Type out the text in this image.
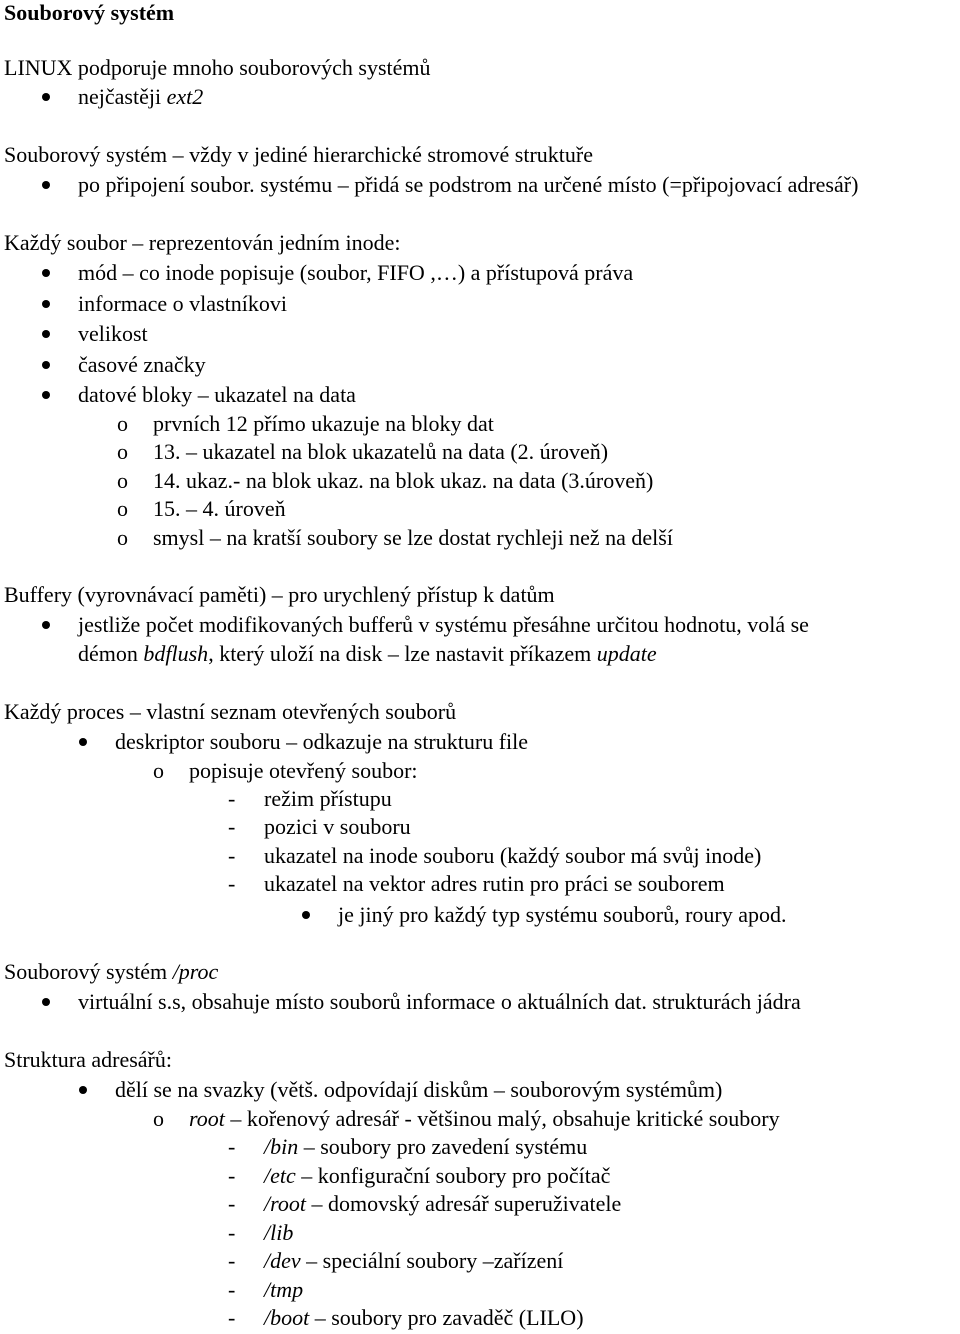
Souborový systém
LINUX podporuje mnoho souborových systémů
nejčastěji ext2
Souborový systém – vždy v jediné hierarchické stromové struktuře
po připojení soubor. systému – přidá se podstrom na určené místo (=připojovací adresář)
Každý soubor – reprezentován jedním inode:
mód – co inode popisuje (soubor, FIFO ,…) a přístupová práva
informace o vlastníkovi
velikost
časové značky
datové bloky – ukazatel na data
o prvních 12 přímo ukazuje na bloky dat
o 13. – ukazatel na blok ukazatelů na data (2. úroveň)
o 14. ukaz.- na blok ukaz. na blok ukaz. na data (3.úroveň)
o 15. – 4. úroveň
o smysl – na kratší soubory se lze dostat rychleji než na delší
Buffery (vyrovnávací paměti) – pro urychlený přístup k datům
jestliže počet modifikovaných bufferů v systému přesáhne určitou hodnotu, volá se
démon bdflush, který uloží na disk – lze nastavit příkazem update
Každý proces – vlastní seznam otevřených souborů
deskriptor souboru – odkazuje na strukturu file
o popisuje otevřený soubor:
- režim přístupu
- pozici v souboru
- ukazatel na inode souboru (každý soubor má svůj inode)
- ukazatel na vektor adres rutin pro práci se souborem
je jiný pro každý typ systému souborů, roury apod.
Souborový systém /proc
virtuální s.s, obsahuje místo souborů informace o aktuálních dat. strukturách jádra
Struktura adresářů:
dělí se na svazky (větš. odpovídají diskům – souborovým systémům)
o root – kořenový adresář - většinou malý, obsahuje kritické soubory
- /bin – soubory pro zavedení systému
- /etc – konfigurační soubory pro počítač
- /root – domovský adresář superuživatele
- /lib
- /dev – speciální soubory –zařízení
- /tmp
- /boot – soubory pro zavaděč (LILO)
